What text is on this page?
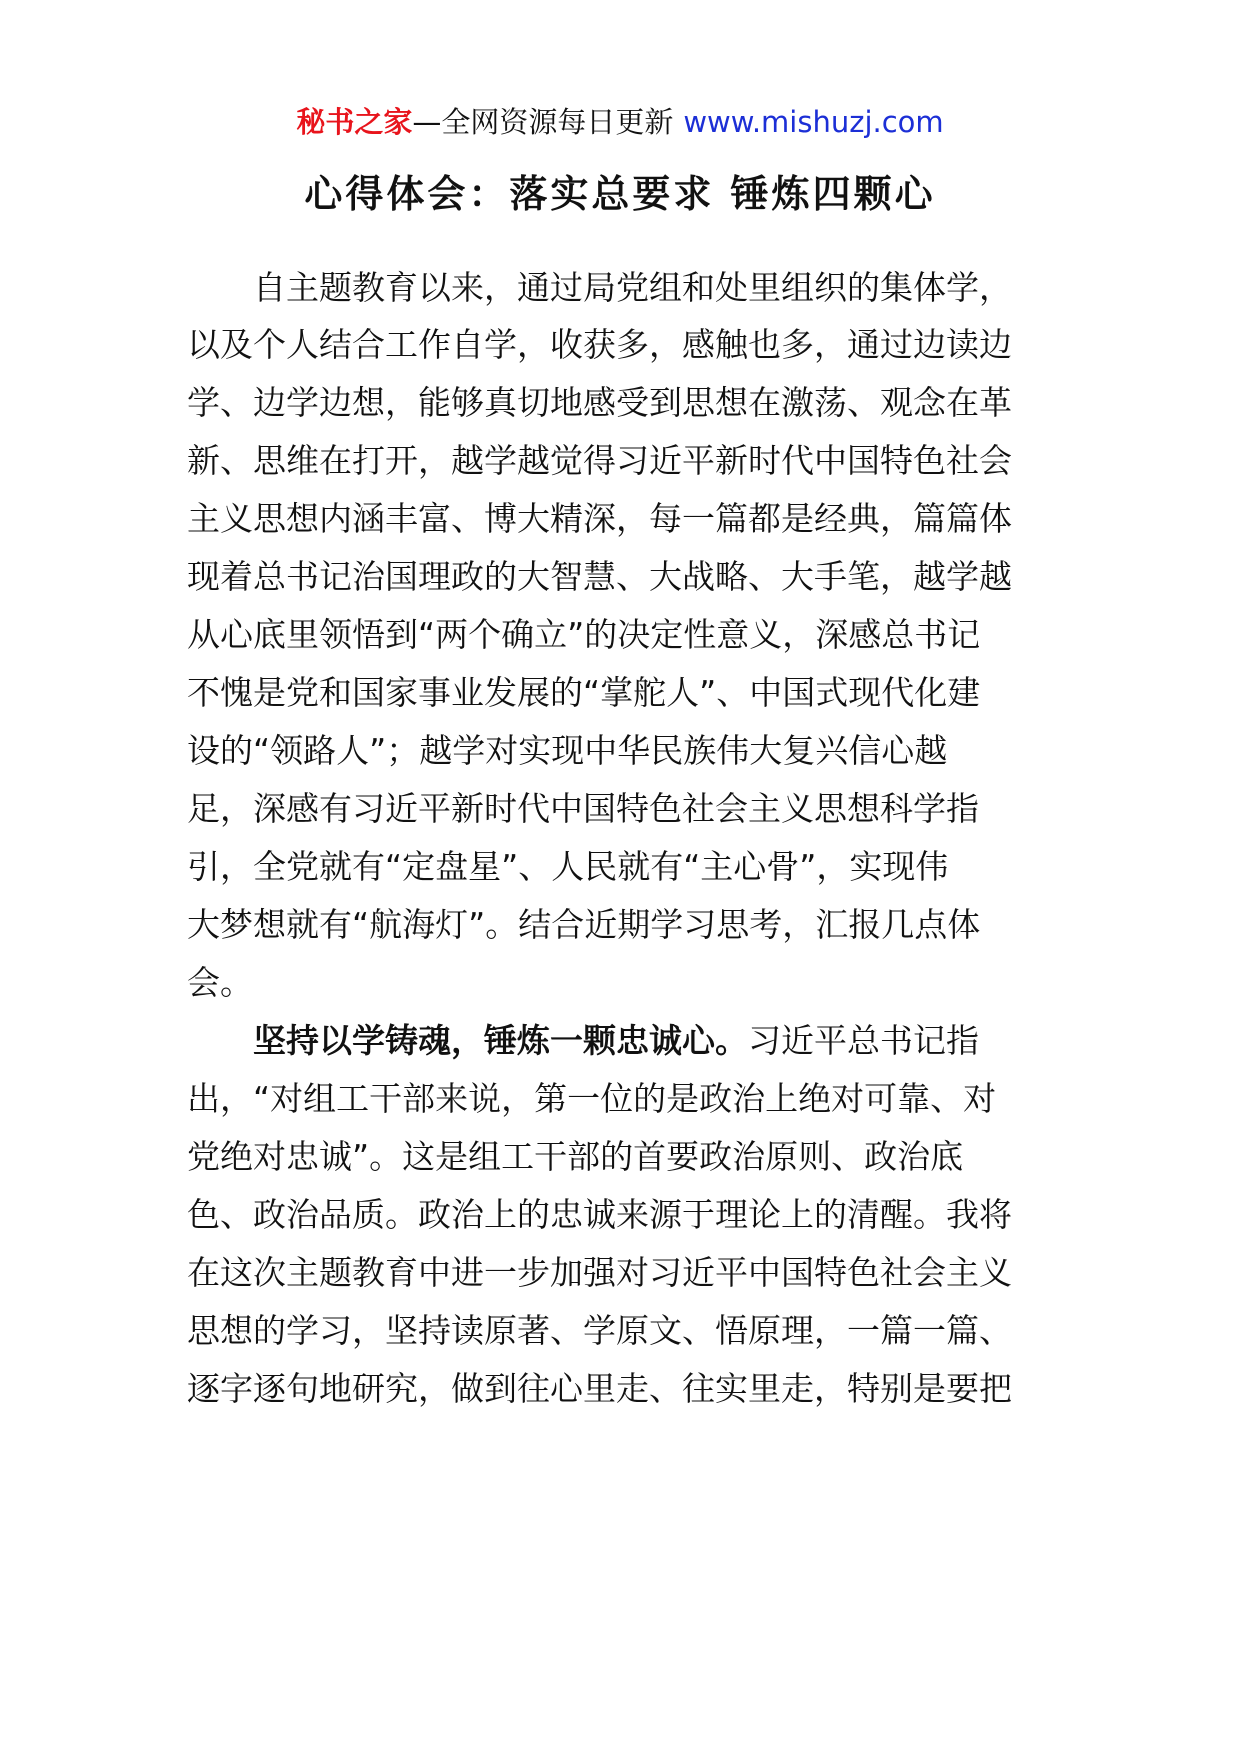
秘书之家—全网资源每日更新 www.mishuzj.com
心得体会：落实总要求 锤炼四颗心
自主题教育以来，通过局党组和处里组织的集体学，
以及个人结合工作自学，收获多，感触也多，通过边读边
学、边学边想，能够真切地感受到思想在激荡、观念在革
新、思维在打开，越学越觉得习近平新时代中国特色社会
主义思想内涵丰富、博大精深，每一篇都是经典，篇篇体
现着总书记治国理政的大智慧、大战略、大手笔，越学越
从心底里领悟到“两个确立”的决定性意义，深感总书记
不愧是党和国家事业发展的“掌舵人”、中国式现代化建
设的“领路人”；越学对实现中华民族伟大复兴信心越
足，深感有习近平新时代中国特色社会主义思想科学指
引，全党就有“定盘星”、人民就有“主心骨”，实现伟
大梦想就有“航海灯”。结合近期学习思考，汇报几点体
会。
坚持以学铸魂，锤炼一颗忠诚心。习近平总书记指
出，“对组工干部来说，第一位的是政治上绝对可靠、对
党绝对忠诚”。这是组工干部的首要政治原则、政治底
色、政治品质。政治上的忠诚来源于理论上的清醒。我将
在这次主题教育中进一步加强对习近平中国特色社会主义
思想的学习，坚持读原著、学原文、悟原理，一篇一篇、
逐字逐句地研究，做到往心里走、往实里走，特别是要把
